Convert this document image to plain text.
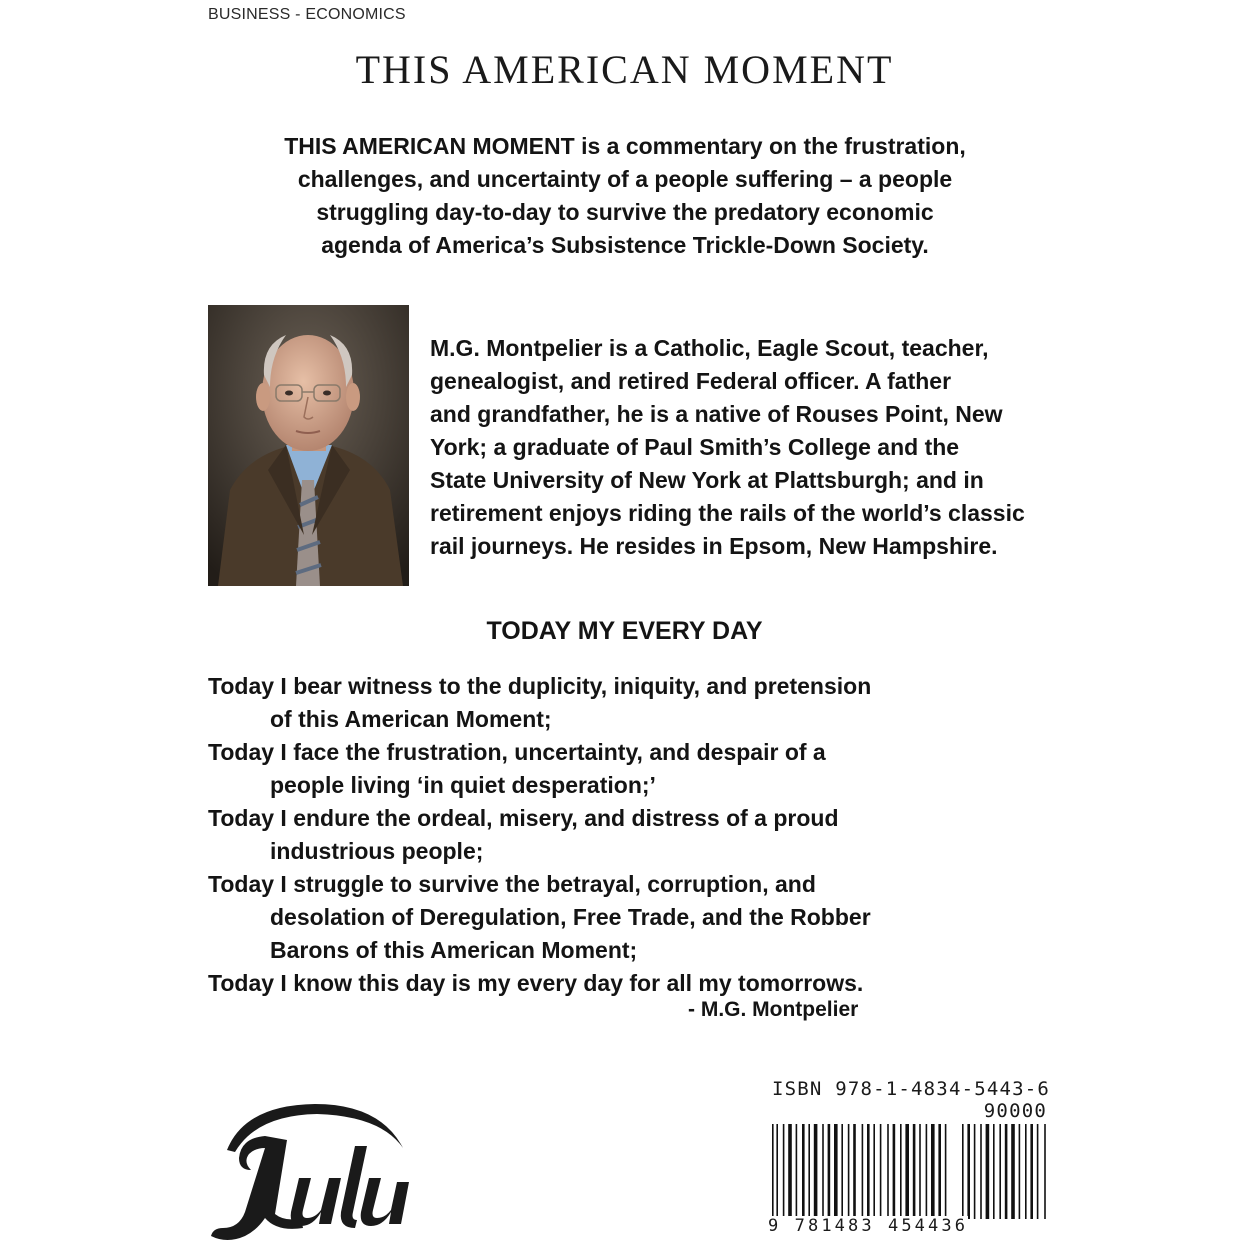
BUSINESS - ECONOMICS
THIS AMERICAN MOMENT
THIS AMERICAN MOMENT is a commentary on the frustration,
challenges, and uncertainty of a people suffering – a people
struggling day-to-day to survive the predatory economic
agenda of America’s Subsistence Trickle-Down Society.
M.G. Montpelier is a Catholic, Eagle Scout, teacher,
genealogist, and retired Federal officer. A father
and grandfather, he is a native of Rouses Point, New
York; a graduate of Paul Smith’s College and the
State University of New York at Plattsburgh; and in
retirement enjoys riding the rails of the world’s classic
rail journeys. He resides in Epsom, New Hampshire.
TODAY MY EVERY DAY
Today I bear witness to the duplicity, iniquity, and pretension
of this American Moment;
Today I face the frustration, uncertainty, and despair of a
people living ‘in quiet desperation;’
Today I endure the ordeal, misery, and distress of a proud
industrious people;
Today I struggle to survive the betrayal, corruption, and
desolation of Deregulation, Free Trade, and the Robber
Barons of this American Moment;
Today I know this day is my every day for all my tomorrows.
- M.G. Montpelier
ISBN 978-1-4834-5443-6
90000
9 781483 454436
